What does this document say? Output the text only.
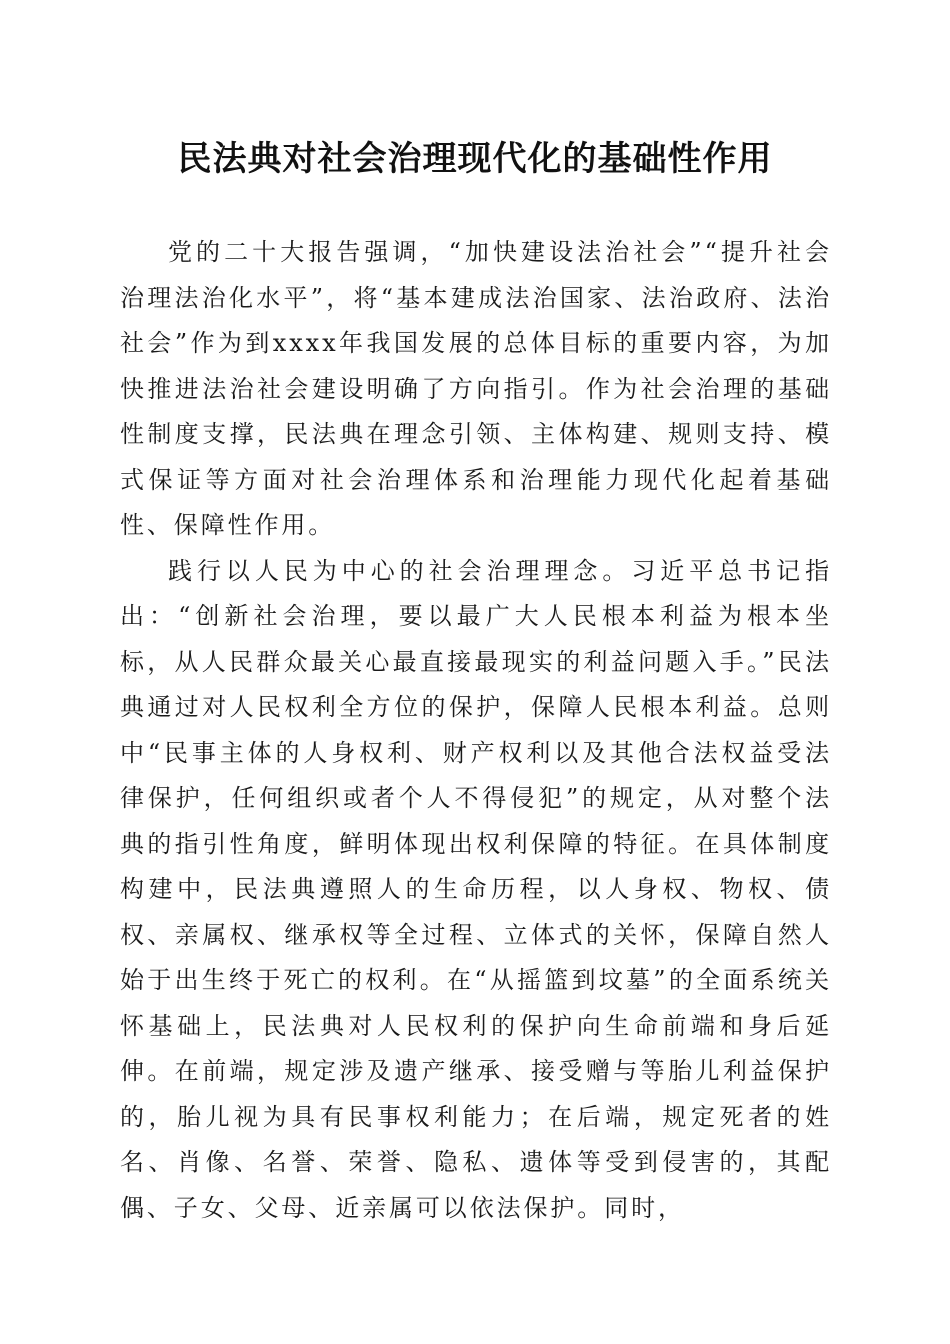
民法典对社会治理现代化的基础性作用

党的二十大报告强调，“加快建设法治社会”“提升社会治理法治化水平”，将“基本建成法治国家、法治政府、法治社会”作为到xxxx年我国发展的总体目标的重要内容，为加快推进法治社会建设明确了方向指引。作为社会治理的基础性制度支撑，民法典在理念引领、主体构建、规则支持、模式保证等方面对社会治理体系和治理能力现代化起着基础性、保障性作用。

践行以人民为中心的社会治理理念。习近平总书记指出：“创新社会治理，要以最广大人民根本利益为根本坐标，从人民群众最关心最直接最现实的利益问题入手。”民法典通过对人民权利全方位的保护，保障人民根本利益。总则中“民事主体的人身权利、财产权利以及其他合法权益受法律保护，任何组织或者个人不得侵犯”的规定，从对整个法典的指引性角度，鲜明体现出权利保障的特征。在具体制度构建中，民法典遵照人的生命历程，以人身权、物权、债权、亲属权、继承权等全过程、立体式的关怀，保障自然人始于出生终于死亡的权利。在“从摇篮到坟墓”的全面系统关怀基础上，民法典对人民权利的保护向生命前端和身后延伸。在前端，规定涉及遗产继承、接受赠与等胎儿利益保护的，胎儿视为具有民事权利能力；在后端，规定死者的姓名、肖像、名誉、荣誉、隐私、遗体等受到侵害的，其配偶、子女、父母、近亲属可以依法保护。同时，
